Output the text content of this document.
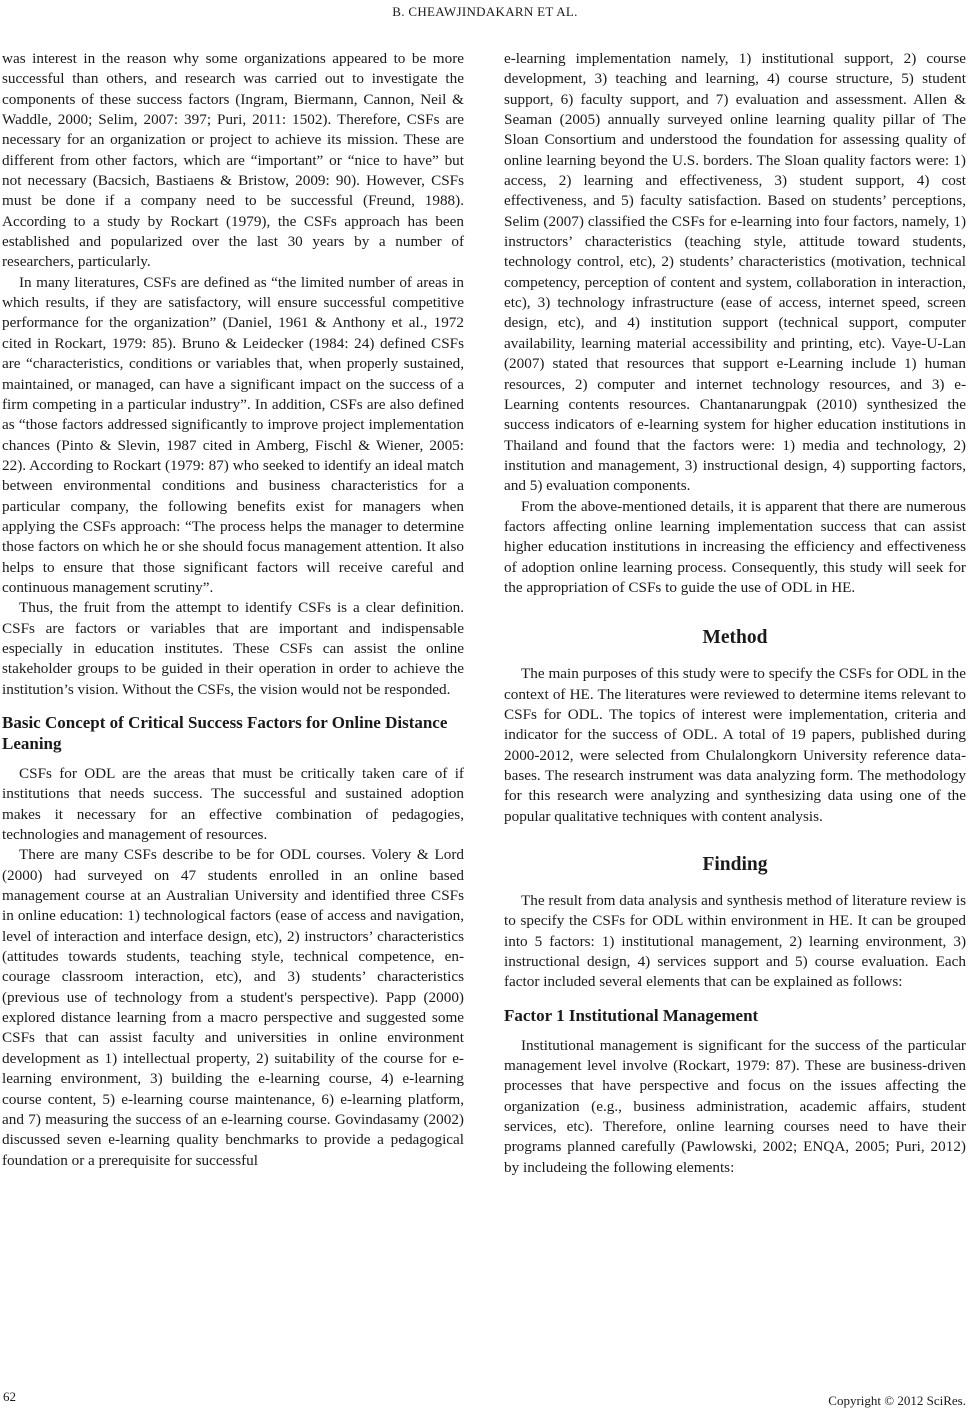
B. CHEAWJINDAKARN ET AL.

was interest in the reason why some organizations appeared to be more successful than others, and research was carried out to investigate the components of these success factors (Ingram, Biermann, Cannon, Neil & Waddle, 2000; Selim, 2007: 397; Puri, 2011: 1502). Therefore, CSFs are necessary for an organization or project to achieve its mission. These are different from other factors, which are “important” or “nice to have” but not necessary (Bacsich, Bastiaens & Bristow, 2009: 90). However, CSFs must be done if a company need to be successful (Freund, 1988). According to a study by Rockart (1979), the CSFs approach has been established and popularized over the last 30 years by a number of researchers, particularly.

In many literatures, CSFs are defined as “the limited number of areas in which results, if they are satisfactory, will ensure successful competitive performance for the organization” (Daniel, 1961 & Anthony et al., 1972 cited in Rockart, 1979: 85). Bruno & Leidecker (1984: 24) defined CSFs are “characteristics, conditions or variables that, when properly sustained, maintained, or managed, can have a significant impact on the success of a firm competing in a particular industry”. In addition, CSFs are also defined as “those factors addressed significantly to improve project implementation chances (Pinto & Slevin, 1987 cited in Amberg, Fischl & Wiener, 2005: 22). According to Rockart (1979: 87) who seeked to identify an ideal match between environmental conditions and business characteristics for a particular company, the following benefits exist for managers when applying the CSFs approach: “The process helps the manager to determine those factors on which he or she should focus management attention. It also helps to ensure that those significant factors will receive careful and continuous management scrutiny”.

Thus, the fruit from the attempt to identify CSFs is a clear definition. CSFs are factors or variables that are important and indispensable especially in education institutes. These CSFs can assist the online stakeholder groups to be guided in their operation in order to achieve the institution’s vision. Without the CSFs, the vision would not be responded.

Basic Concept of Critical Success Factors for Online Distance Leaning

CSFs for ODL are the areas that must be critically taken care of if institutions that needs success. The successful and sustained adoption makes it necessary for an effective combination of pedagogies, technologies and management of resources.

There are many CSFs describe to be for ODL courses. Volery & Lord (2000) had surveyed on 47 students enrolled in an online based management course at an Australian University and identified three CSFs in online education: 1) technological factors (ease of access and navigation, level of interaction and interface design, etc), 2) instructors’ characteristics (attitudes towards students, teaching style, technical competence, encourage classroom interaction, etc), and 3) students’ characteristics (previous use of technology from a student's perspective). Papp (2000) explored distance learning from a macro perspective and suggested some CSFs that can assist faculty and universities in online environment development as 1) intellectual property, 2) suitability of the course for e-learning environment, 3) building the e-learning course, 4) e-learning course content, 5) e-learning course maintenance, 6) e-learning platform, and 7) measuring the success of an e-learning course. Govindasamy (2002) discussed seven e-learning quality benchmarks to provide a pedagogical foundation or a prerequisite for successful

e-learning implementation namely, 1) institutional support, 2) course development, 3) teaching and learning, 4) course structure, 5) student support, 6) faculty support, and 7) evaluation and assessment. Allen & Seaman (2005) annually surveyed online learning quality pillar of The Sloan Consortium and understood the foundation for assessing quality of online learning beyond the U.S. borders. The Sloan quality factors were: 1) access, 2) learning and effectiveness, 3) student support, 4) cost effectiveness, and 5) faculty satisfaction. Based on students’ perceptions, Selim (2007) classified the CSFs for e-learning into four factors, namely, 1) instructors’ characteristics (teaching style, attitude toward students, technology control, etc), 2) students’ characteristics (motivation, technical competency, perception of content and system, collaboration in interaction, etc), 3) technology infrastructure (ease of access, internet speed, screen design, etc), and 4) institution support (technical support, computer availability, learning material accessibility and printing, etc). Vaye-U-Lan (2007) stated that resources that support e-Learning include 1) human resources, 2) computer and internet technology resources, and 3) e-Learning contents resources. Chantanarungpak (2010) synthesized the success indicators of e-learning system for higher education institutions in Thailand and found that the factors were: 1) media and technology, 2) institution and management, 3) instructional design, 4) supporting factors, and 5) evaluation components.

From the above-mentioned details, it is apparent that there are numerous factors affecting online learning implementation success that can assist higher education institutions in increasing the efficiency and effectiveness of adoption online learning process. Consequently, this study will seek for the appropriation of CSFs to guide the use of ODL in HE.

Method

The main purposes of this study were to specify the CSFs for ODL in the context of HE. The literatures were reviewed to determine items relevant to CSFs for ODL. The topics of interest were implementation, criteria and indicator for the success of ODL. A total of 19 papers, published during 2000-2012, were selected from Chulalongkorn University reference databases. The research instrument was data analyzing form. The methodology for this research were analyzing and synthesizing data using one of the popular qualitative techniques with content analysis.

Finding

The result from data analysis and synthesis method of literature review is to specify the CSFs for ODL within environment in HE. It can be grouped into 5 factors: 1) institutional management, 2) learning environment, 3) instructional design, 4) services support and 5) course evaluation. Each factor included several elements that can be explained as follows:

Factor 1 Institutional Management

Institutional management is significant for the success of the particular management level involve (Rockart, 1979: 87). These are business-driven processes that have perspective and focus on the issues affecting the organization (e.g., business administration, academic affairs, student services, etc). Therefore, online learning courses need to have their programs planned carefully (Pawlowski, 2002; ENQA, 2005; Puri, 2012) by includeing the following elements:

62	Copyright © 2012 SciRes.
